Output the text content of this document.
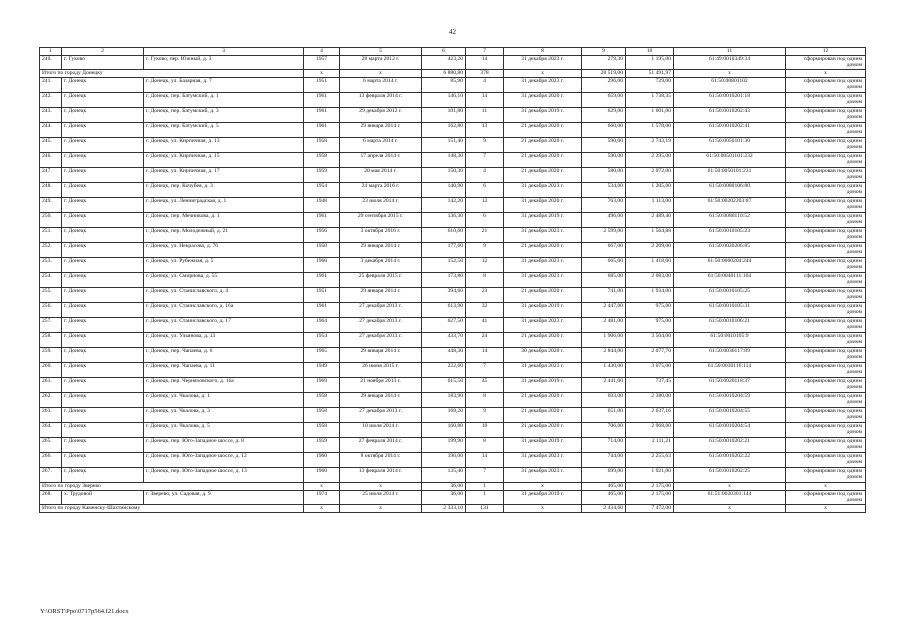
42
1	2	3	4	5	6	7	8	9	10	11	12
240.	г. Гуково	г. Гуково, пер. Южный, д. 3	1957	28 марта 2012 г.	423,20	14	31 декабря 2023 г.	279,30	1 195,00	61:49:0010349:34	сформирован под одним домом
Итого по городу Донецку			x	x	6 880,80	378	x	28 519,00	51 491,97	x	x
241.	г. Донецк	г. Донецк, ул. Базарная, д. 7	1951	6 марта 2014 г.	85,90	4	31 декабря 2023 г.	296,00	729,00	61:50:00801102	сформирован под одним домом
242.	г. Донецк	г. Донецк, пер. Батумский, д. 1	1961	13 февраля 2014 г.	146,10	14	31 декабря 2020 г.	659,00	1 738,35	61:50:0010201:18	сформирован под одним домом
243.	г. Донецк	г. Донецк, пер. Батумский, д. 3	1961	29 декабря 2012 г.	101,80	11	31 декабря 2019 г.	629,00	1 601,00	61:50:0010202:43	сформирован под одним домом
244.	г. Донецк	г. Донецк, пер. Батумский, д. 5	1961	29 января 2014 г.	162,80	13	21 декабря 2020 г.	660,00	1 578,00	61:50:0010202:41	сформирован под одним домом
245.	г. Донецк	г. Донецк, ул. Кирпичная, д. 13	1958	6 марта 2014 г.	151,40	9	21 декабря 2020 г.	590,00	2 743,19	61:50:0050101:30	сформирован под одним домом
246.	г. Донецк	г. Донецк, ул. Кирпичная, д. 15	1958	17 апреля 2014 г.	148,30	7	21 декабря 2020 г.	590,00	2 295,00	61:50:00501101:232	сформирован под одним домом
247.	г. Донецк	г. Донецк, ул. Кирпичная, д. 17	1959	20 мая 2014 г.	150,30	4	21 декабря 2020 г.	580,00	2 072,00	61:50:0050101:231	сформирован под одним домом
248.	г. Донецк	г. Донецк, пер. Кочубея, д. 3	1954	24 марта 2016 г.	140,90	6	31 декабря 2023 г.	534,00	1 205,00	61:50:0080106:80	сформирован под одним домом
249.	г. Донецк	г. Донецк, ул. Ленинградская, д. 1	1948	23 июля 2014 г.	142,20	12	31 декабря 2020 г.	763,00	1 113,00	61:50:00202203:87	сформирован под одним домом
250.	г. Донецк	г. Донецк, пер. Мечникова, д. 1	1961	29 сентября 2015 г.	136,30	6	31 декабря 2019 г.	496,00	2 489,40	61:50:0080110:52	сформирован под одним домом
251.	г. Донецк	г. Донецк, пер. Молодежный, д. 21	1956	3 октября 2016 г.	610,60	21	31 декабря 2023 г.	2 599,00	1 564,88	61:50:0010105:23	сформирован под одним домом
252.	г. Донецк	г. Донецк, ул. Некрасова, д. 76	1950	29 января 2014 г.	177,60	9	21 декабря 2020 г.	667,00	2 209,00	61:50:0020206:85	сформирован под одним домом
253.	г. Донецк	г. Донецк, ул. Рубежная, д. 5	1960	3 декабря 2014 г.	152,50	12	31 декабря 2023 г.	665,00	1 418,00	61:50:0060204:244	сформирован под одним домом
254.	г. Донецк	г. Донецк, ул. Смирнова, д. 55	1961	25 февраля 2015 г.	173,80	8	31 декабря 2023 г.	685,00	2 083,00	61:50:0040111:104	сформирован под одним домом
255.	г. Донецк	г. Донецк, ул. Станиславского, д. 4	1951	29 января 2014 г.	394,60	23	21 декабря 2020 г.	741,00	1 934,00	61:50:0010105:25	сформирован под одним домом
256.	г. Донецк	г. Донецк, ул. Станиславского, д. 16а	1961	27 декабря 2013 г.	613,90	32	31 декабря 2019 г.	2 447,00	975,00	61:50:0010105:31	сформирован под одним домом
257.	г. Донецк	г. Донецк, ул. Станиславского, д. 17	1964	27 декабря 2013 г.	627,50	41	31 декабря 2023 г.	2 481,00	975,00	61:50:0010106:21	сформирован под одним домом
258.	г. Донецк	г. Донецк, ул. Ульянова, д. 13	1954	27 декабря 2013 г.	433,70	24	21 декабря 2020 г.	1 906,00	3 504,00	61:50:0010105:9	сформирован под одним домом
259.	г. Донецк	г. Донецк, пер. Чапаева, д. 6	1965	29 января 2014 г.	448,30	14	30 декабря 2020 г.	2 844,00	2 077,70	61:50:0030117:89	сформирован под одним домом
260.	г. Донецк	г. Донецк, пер. Чапаева, д. 11	1949	26 июня 2015 г.	222,60	7	31 декабря 2023 г.	1 430,00	3 075,00	61:50:0030116:114	сформирован под одним домом
261.	г. Донецк	г. Донецк, пер. Черняховского, д. 16а	1969	21 ноября 2013 г.	615,50	45	31 декабря 2019 г.	2 441,00	737,45	61:50:0020118:37	сформирован под одним домом
262.	г. Донецк	г. Донецк, ул. Чкалова, д. 1	1958	29 января 2014 г.	183,90	8	21 декабря 2020 г.	693,00	2 380,00	61:50:0010204:59	сформирован под одним домом
263.	г. Донецк	г. Донецк, ул. Чкалова, д. 3	1958	27 декабря 2013 г.	168,20	9	21 декабря 2020 г.	651,00	2 637,16	61:50:0010204:55	сформирован под одним домом
264.	г. Донецк	г. Донецк, ул. Чкалова, д. 5	1958	10 июля 2014 г.	160,80	10	21 декабря 2020 г.	706,00	2 968,00	61:50:0010204:54	сформирован под одним домом
265.	г. Донецк	г. Донецк, пер. Юго-Западное шоссе, д. 8	1959	27 февраля 2014 г.	199,90	8	31 декабря 2019 г.	714,00	2 111,21	61:50:0010202:21	сформирован под одним домом
266.	г. Донецк	г. Донецк, пер. Юго-Западное шоссе, д. 12	1960	8 октября 2014 г.	196,00	14	31 декабря 2023 г.	744,00	2 255,63	61:50:0010202:22	сформирован под одним домом
267.	г. Донецк	г. Донецк, пер. Юго-Западное шоссе, д. 13	1960	13 февраля 2014 г.	135,40	7	31 декабря 2023 г.	699,00	1 021,00	61:50:0010202:25	сформирован под одним домом
Итого по городу Зверево			x	x	36,00	1	x	465,00	2 175,00	x	x
268.	х. Трудовой	г. Зверево, ул. Садовая, д. 9	1974	25 июля 2014 г.	36,00	1	31 декабря 2019 г.	465,00	2 175,00	61:51:0020301:144	сформирован под одним домом
Итого по городу Каменску-Шахтинскому			x	x	2 333,10	131	x	2 434,60	7 472,00	x	x
Y:\ORST\Ppo\0717p564.f21.docx
